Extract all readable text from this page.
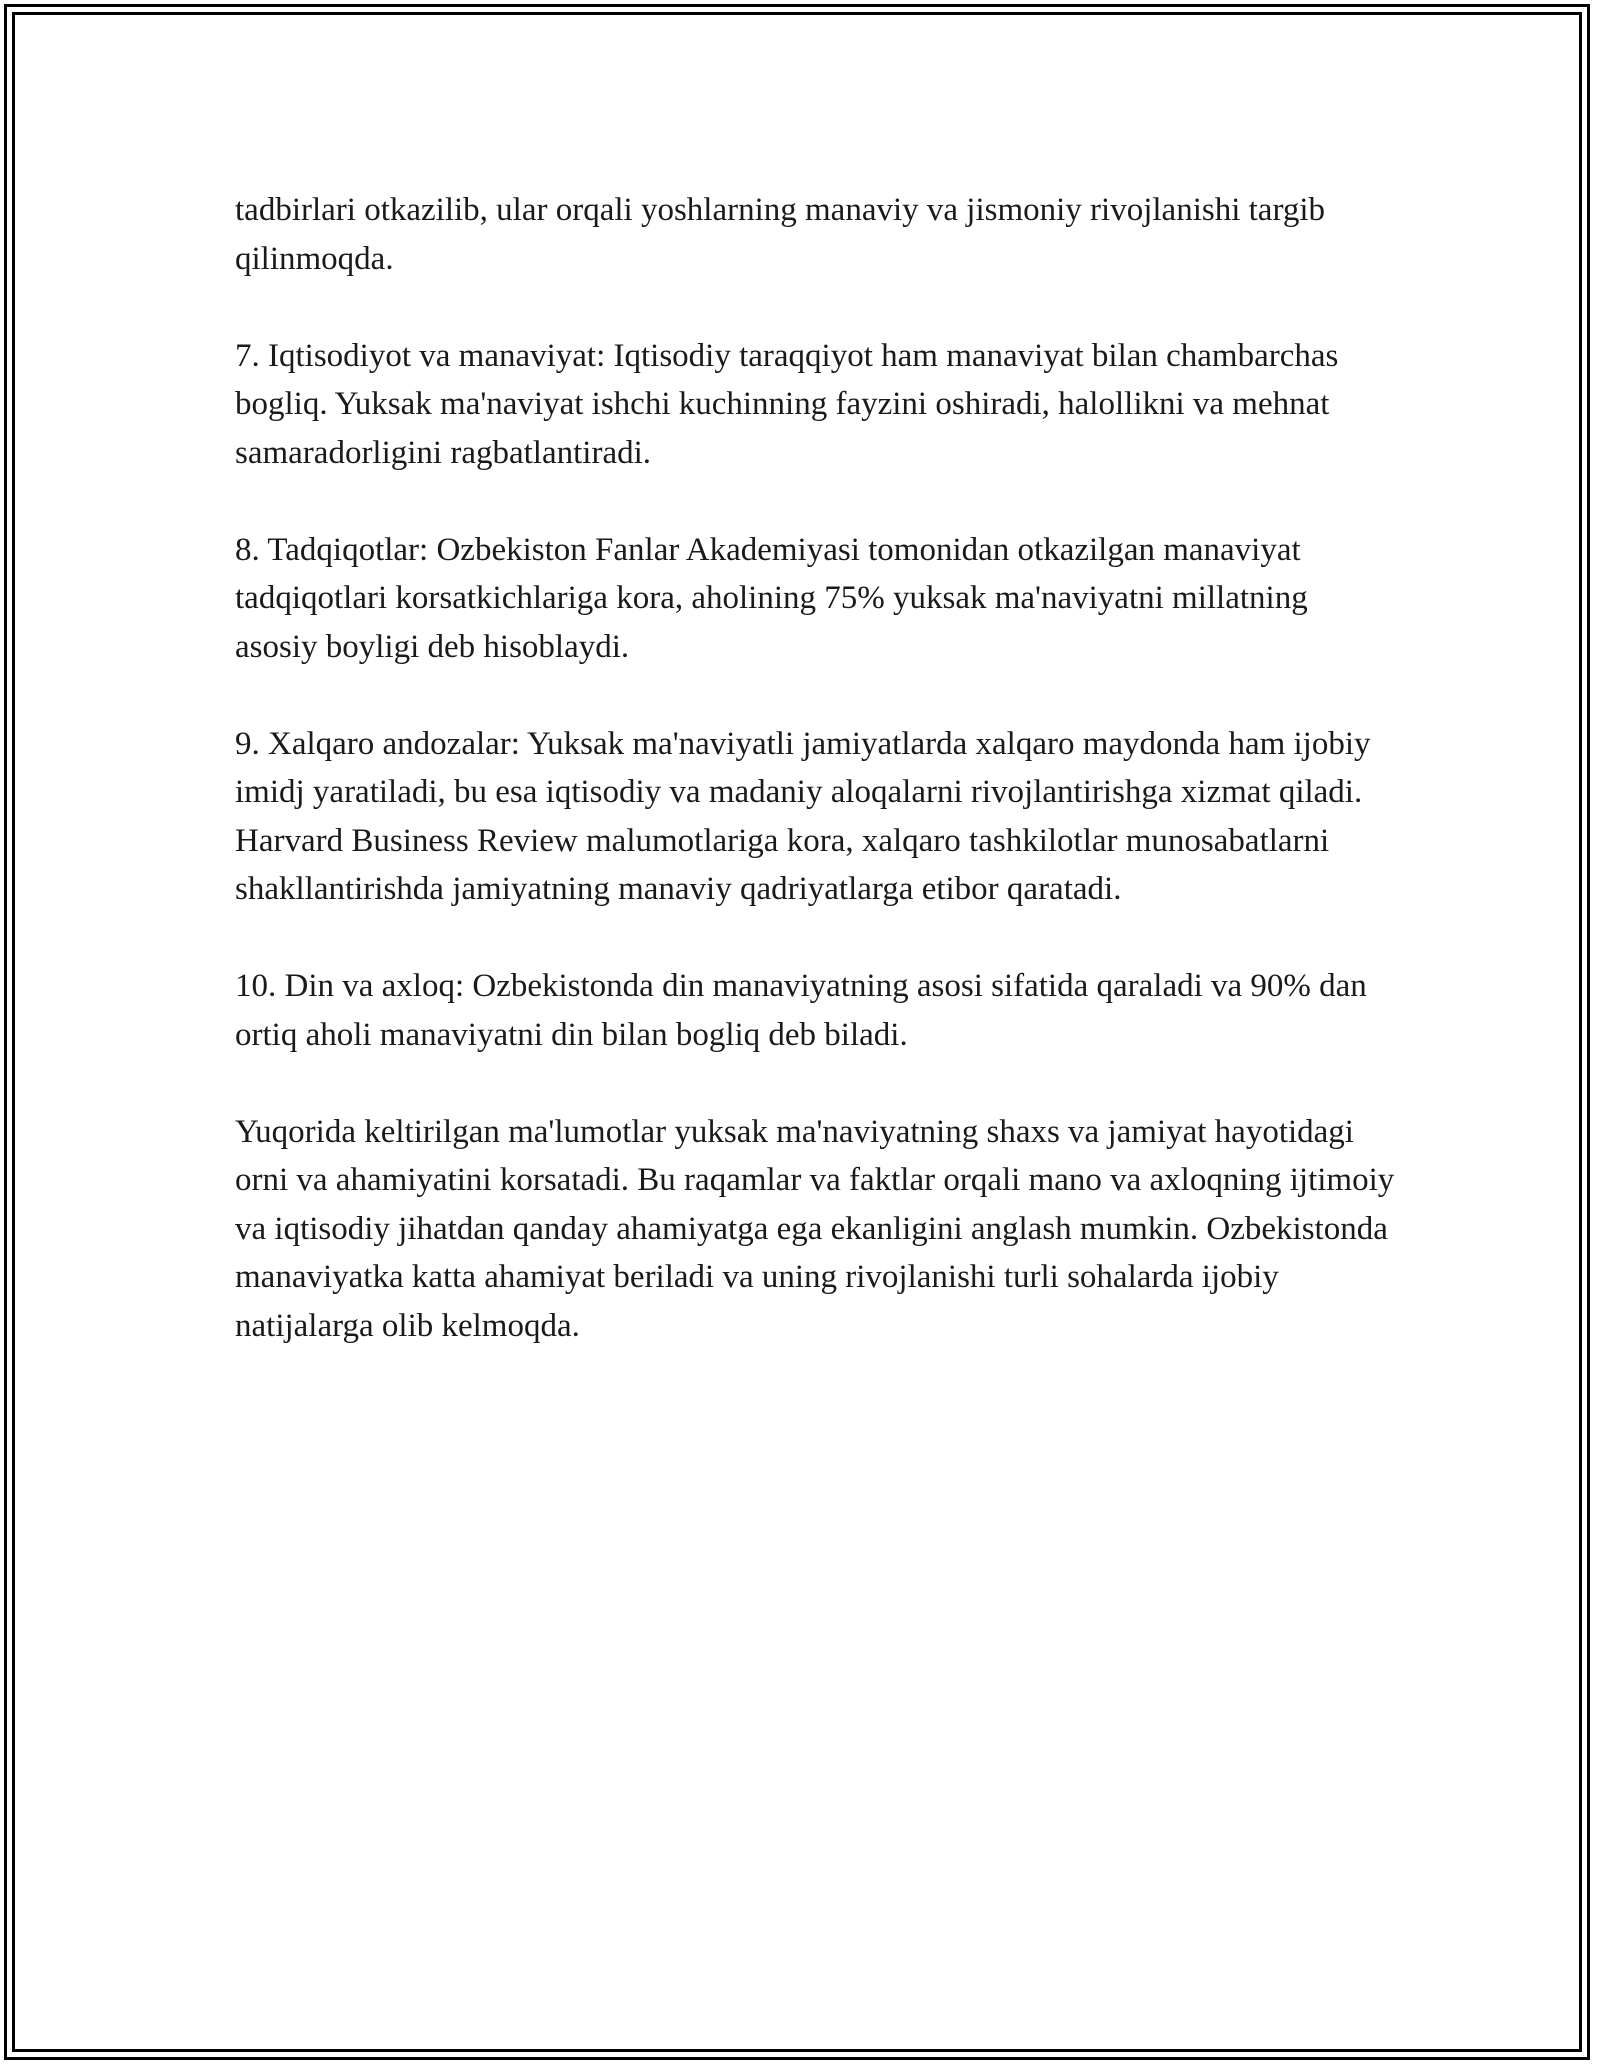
tadbirlari otkazilib, ular orqali yoshlarning manaviy va jismoniy rivojlanishi targib qilinmoqda.

7. Iqtisodiyot va manaviyat: Iqtisodiy taraqqiyot ham manaviyat bilan chambarchas bogliq. Yuksak ma'naviyat ishchi kuchinning fayzini oshiradi, halollikni va mehnat samaradorligini ragbatlantiradi.

8. Tadqiqotlar: Ozbekiston Fanlar Akademiyasi tomonidan otkazilgan manaviyat tadqiqotlari korsatkichlariga kora, aholining 75% yuksak ma'naviyatni millatning asosiy boyligi deb hisoblaydi.

9. Xalqaro andozalar: Yuksak ma'naviyatli jamiyatlarda xalqaro maydonda ham ijobiy imidj yaratiladi, bu esa iqtisodiy va madaniy aloqalarni rivojlantirishga xizmat qiladi. Harvard Business Review malumotlariga kora, xalqaro tashkilotlar munosabatlarni shakllantirishda jamiyatning manaviy qadriyatlarga etibor qaratadi.

10. Din va axloq: Ozbekistonda din manaviyatning asosi sifatida qaraladi va 90% dan ortiq aholi manaviyatni din bilan bogliq deb biladi.

Yuqorida keltirilgan ma'lumotlar yuksak ma'naviyatning shaxs va jamiyat hayotidagi orni va ahamiyatini korsatadi. Bu raqamlar va faktlar orqali mano va axloqning ijtimoiy va iqtisodiy jihatdan qanday ahamiyatga ega ekanligini anglash mumkin. Ozbekistonda manaviyatka katta ahamiyat beriladi va uning rivojlanishi turli sohalarda ijobiy natijalarga olib kelmoqda.
